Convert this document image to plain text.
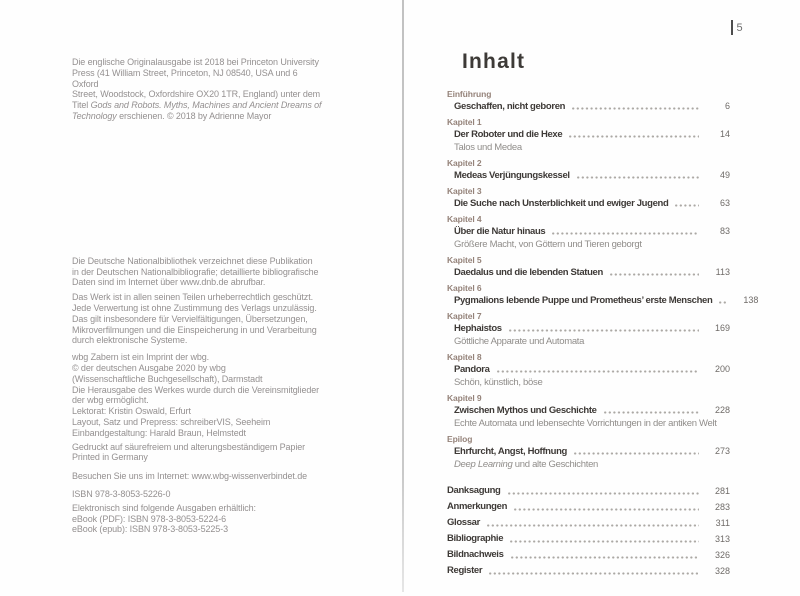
5

Die englische Originalausgabe ist 2018 bei Princeton University
Press (41 William Street, Princeton, NJ 08540, USA und 6 Oxford
Street, Woodstock, Oxfordshire OX20 1TR, England) unter dem
Titel Gods and Robots. Myths, Machines and Ancient Dreams of
Technology erschienen. © 2018 by Adrienne Mayor

Die Deutsche Nationalbibliothek verzeichnet diese Publikation
in der Deutschen Nationalbibliografie; detaillierte bibliografische
Daten sind im Internet über www.dnb.de abrufbar.

Das Werk ist in allen seinen Teilen urheberrechtlich geschützt.
Jede Verwertung ist ohne Zustimmung des Verlags unzulässig.
Das gilt insbesondere für Vervielfältigungen, Übersetzungen,
Mikroverfilmungen und die Einspeicherung in und Verarbeitung
durch elektronische Systeme.

wbg Zabern ist ein Imprint der wbg.
© der deutschen Ausgabe 2020 by wbg
(Wissenschaftliche Buchgesellschaft), Darmstadt
Die Herausgabe des Werkes wurde durch die Vereinsmitglieder
der wbg ermöglicht.
Lektorat: Kristin Oswald, Erfurt
Layout, Satz und Prepress: schreiberVIS, Seeheim
Einbandgestaltung: Harald Braun, Helmstedt

Gedruckt auf säurefreiem und alterungsbeständigem Papier
Printed in Germany

Besuchen Sie uns im Internet: www.wbg-wissenverbindet.de

ISBN 978-3-8053-5226-0

Elektronisch sind folgende Ausgaben erhältlich:
eBook (PDF): ISBN 978-3-8053-5224-6
eBook (epub): ISBN 978-3-8053-5225-3

Inhalt
Einführung
Geschaffen, nicht geboren	6
Kapitel 1
Der Roboter und die Hexe	14
Talos und Medea
Kapitel 2
Medeas Verjüngungskessel	49
Kapitel 3
Die Suche nach Unsterblichkeit und ewiger Jugend	63
Kapitel 4
Über die Natur hinaus	83
Größere Macht, von Göttern und Tieren geborgt
Kapitel 5
Daedalus und die lebenden Statuen	113
Kapitel 6
Pygmalions lebende Puppe und Prometheus’ erste Menschen	138
Kapitel 7
Hephaistos	169
Göttliche Apparate und Automata
Kapitel 8
Pandora	200
Schön, künstlich, böse
Kapitel 9
Zwischen Mythos und Geschichte	228
Echte Automata und lebensechte Vorrichtungen in der antiken Welt
Epilog
Ehrfurcht, Angst, Hoffnung	273
Deep Learning und alte Geschichten
Danksagung	281
Anmerkungen	283
Glossar	311
Bibliographie	313
Bildnachweis	326
Register	328
